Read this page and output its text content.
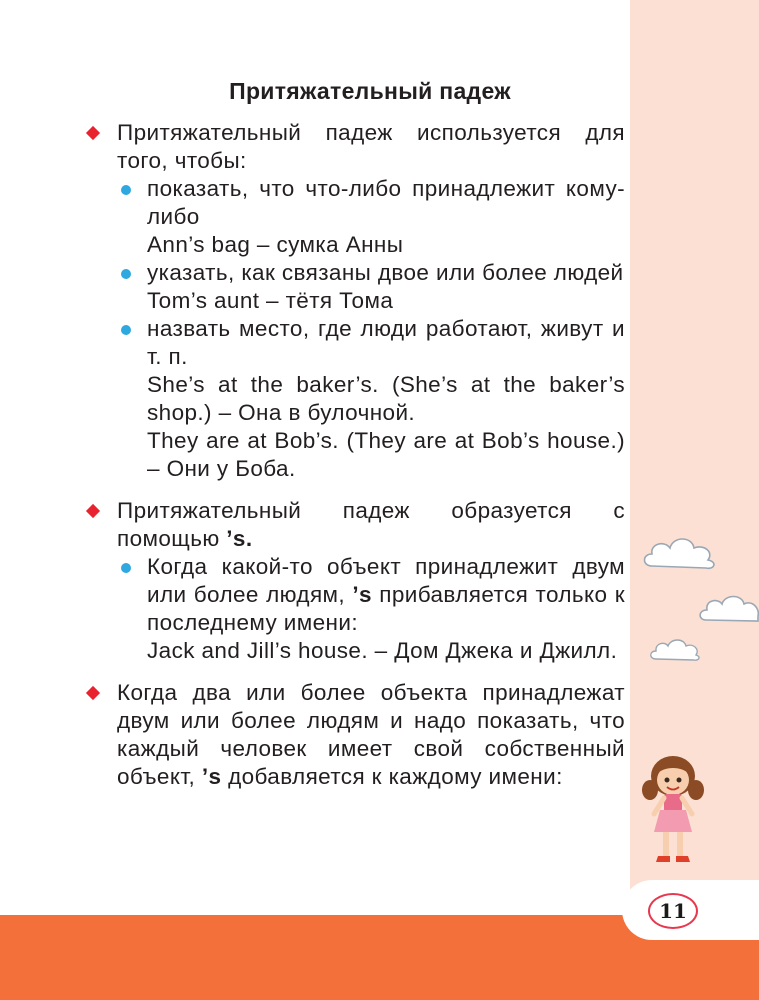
11
Притяжательный падеж
Притяжательный падеж используется для того, чтобы:
показать, что что-либо принадлежит кому-либо
Ann’s bag – сумка Анны
указать, как связаны двое или более людей
Tom’s aunt – тётя Тома
назвать место, где люди работают, живут и т. п.
She’s at the baker’s. (She’s at the baker’s shop.) – Она в булочной.
They are at Bob’s. (They are at Bob’s house.) – Они у Боба.
Притяжательный падеж образуется с помощью ’s.
Когда какой-то объект принадлежит двум или более людям, ’s прибавляется только к последнему имени:
Jack and Jill’s house. – Дом Джека и Джилл.
Когда два или более объекта принадлежат двум или более людям и надо показать, что каждый человек имеет свой собственный объект, ’s добавляется к каждому имени:
